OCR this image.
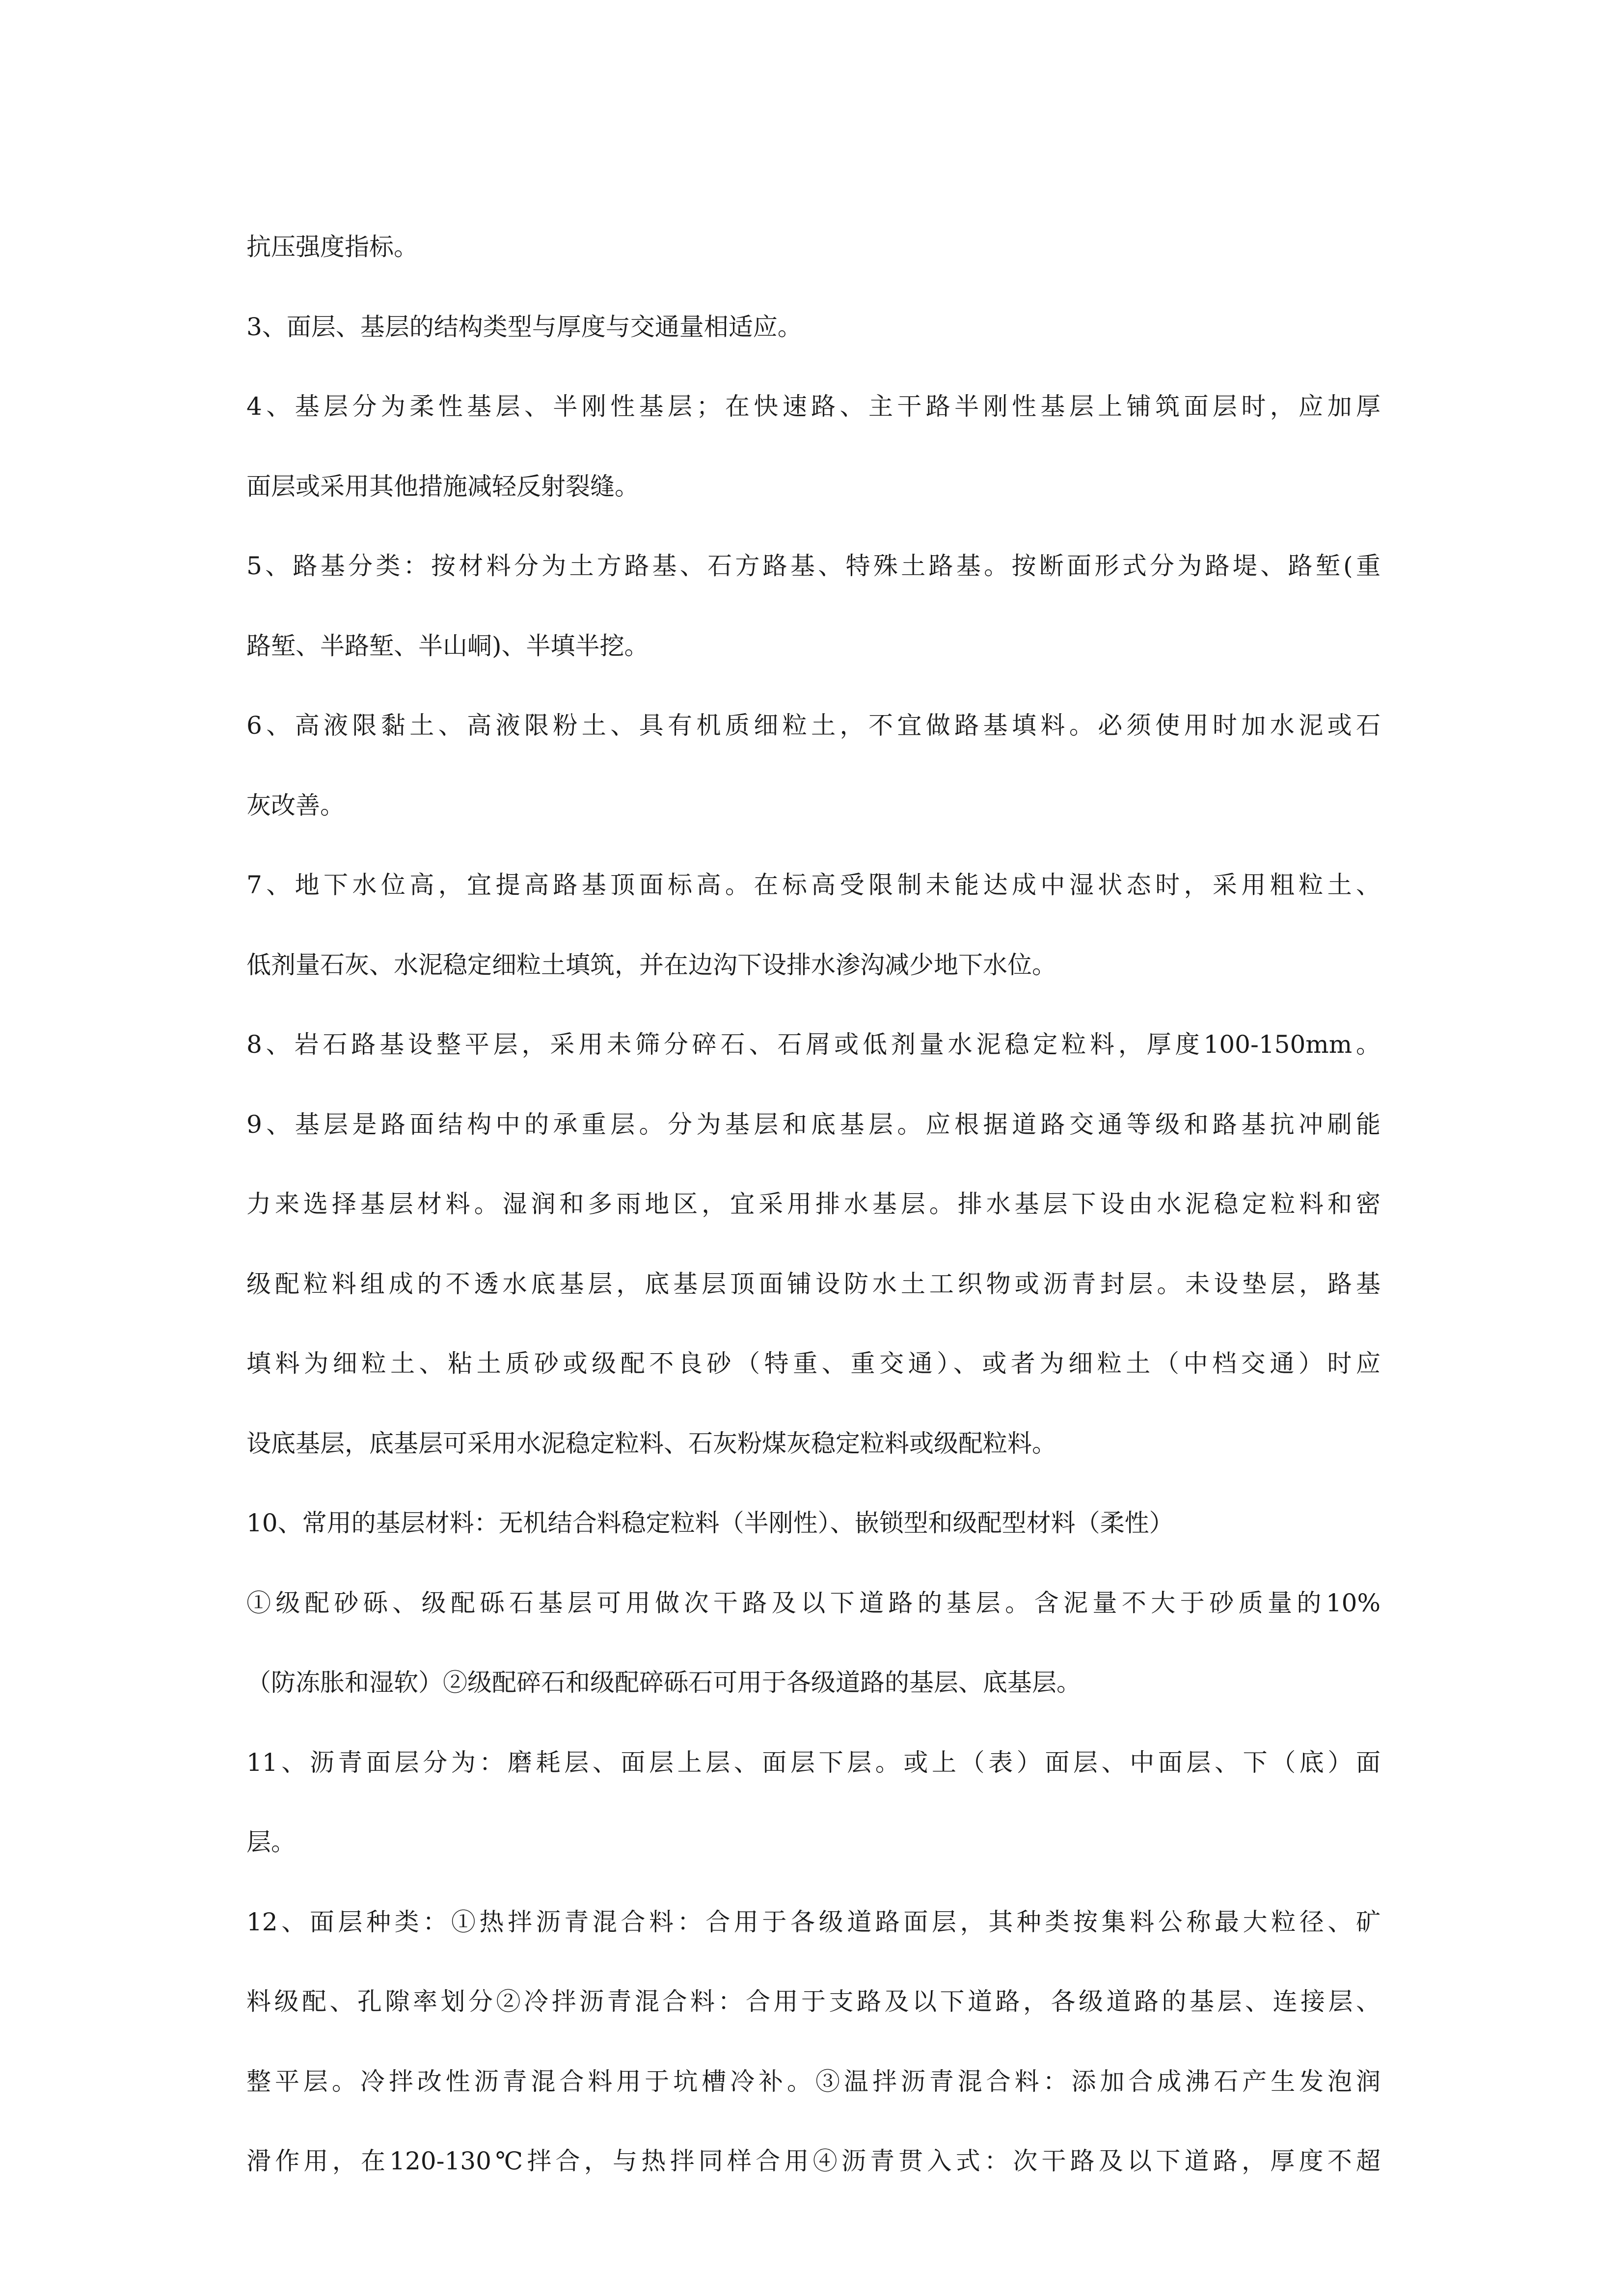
抗压强度指标。
3、面层、基层的结构类型与厚度与交通量相适应。
4、基层分为柔性基层、半刚性基层；在快速路、主干路半刚性基层上铺筑面层时，应加厚
面层或采用其他措施减轻反射裂缝。
5、路基分类：按材料分为土方路基、石方路基、特殊土路基。按断面形式分为路堤、路堑(重
路堑、半路堑、半山峒)、半填半挖。
6、高液限黏土、高液限粉土、具有机质细粒土，不宜做路基填料。必须使用时加水泥或石
灰改善。
7、地下水位高，宜提高路基顶面标高。在标高受限制未能达成中湿状态时，采用粗粒土、
低剂量石灰、水泥稳定细粒土填筑，并在边沟下设排水渗沟减少地下水位。
8、岩石路基设整平层，采用未筛分碎石、石屑或低剂量水泥稳定粒料，厚度100-150mm。
9、基层是路面结构中的承重层。分为基层和底基层。应根据道路交通等级和路基抗冲刷能
力来选择基层材料。湿润和多雨地区，宜采用排水基层。排水基层下设由水泥稳定粒料和密
级配粒料组成的不透水底基层，底基层顶面铺设防水土工织物或沥青封层。未设垫层，路基
填料为细粒土、粘土质砂或级配不良砂（特重、重交通）、或者为细粒土（中档交通）时应
设底基层，底基层可采用水泥稳定粒料、石灰粉煤灰稳定粒料或级配粒料。
10、常用的基层材料：无机结合料稳定粒料（半刚性）、嵌锁型和级配型材料（柔性）
①级配砂砾、级配砾石基层可用做次干路及以下道路的基层。含泥量不大于砂质量的10%
（防冻胀和湿软）②级配碎石和级配碎砾石可用于各级道路的基层、底基层。
11、沥青面层分为：磨耗层、面层上层、面层下层。或上（表）面层、中面层、下（底）面
层。
12、面层种类：①热拌沥青混合料：合用于各级道路面层，其种类按集料公称最大粒径、矿
料级配、孔隙率划分②冷拌沥青混合料：合用于支路及以下道路，各级道路的基层、连接层、
整平层。冷拌改性沥青混合料用于坑槽冷补。③温拌沥青混合料：添加合成沸石产生发泡润
滑作用，在120-130℃拌合，与热拌同样合用④沥青贯入式：次干路及以下道路，厚度不超
